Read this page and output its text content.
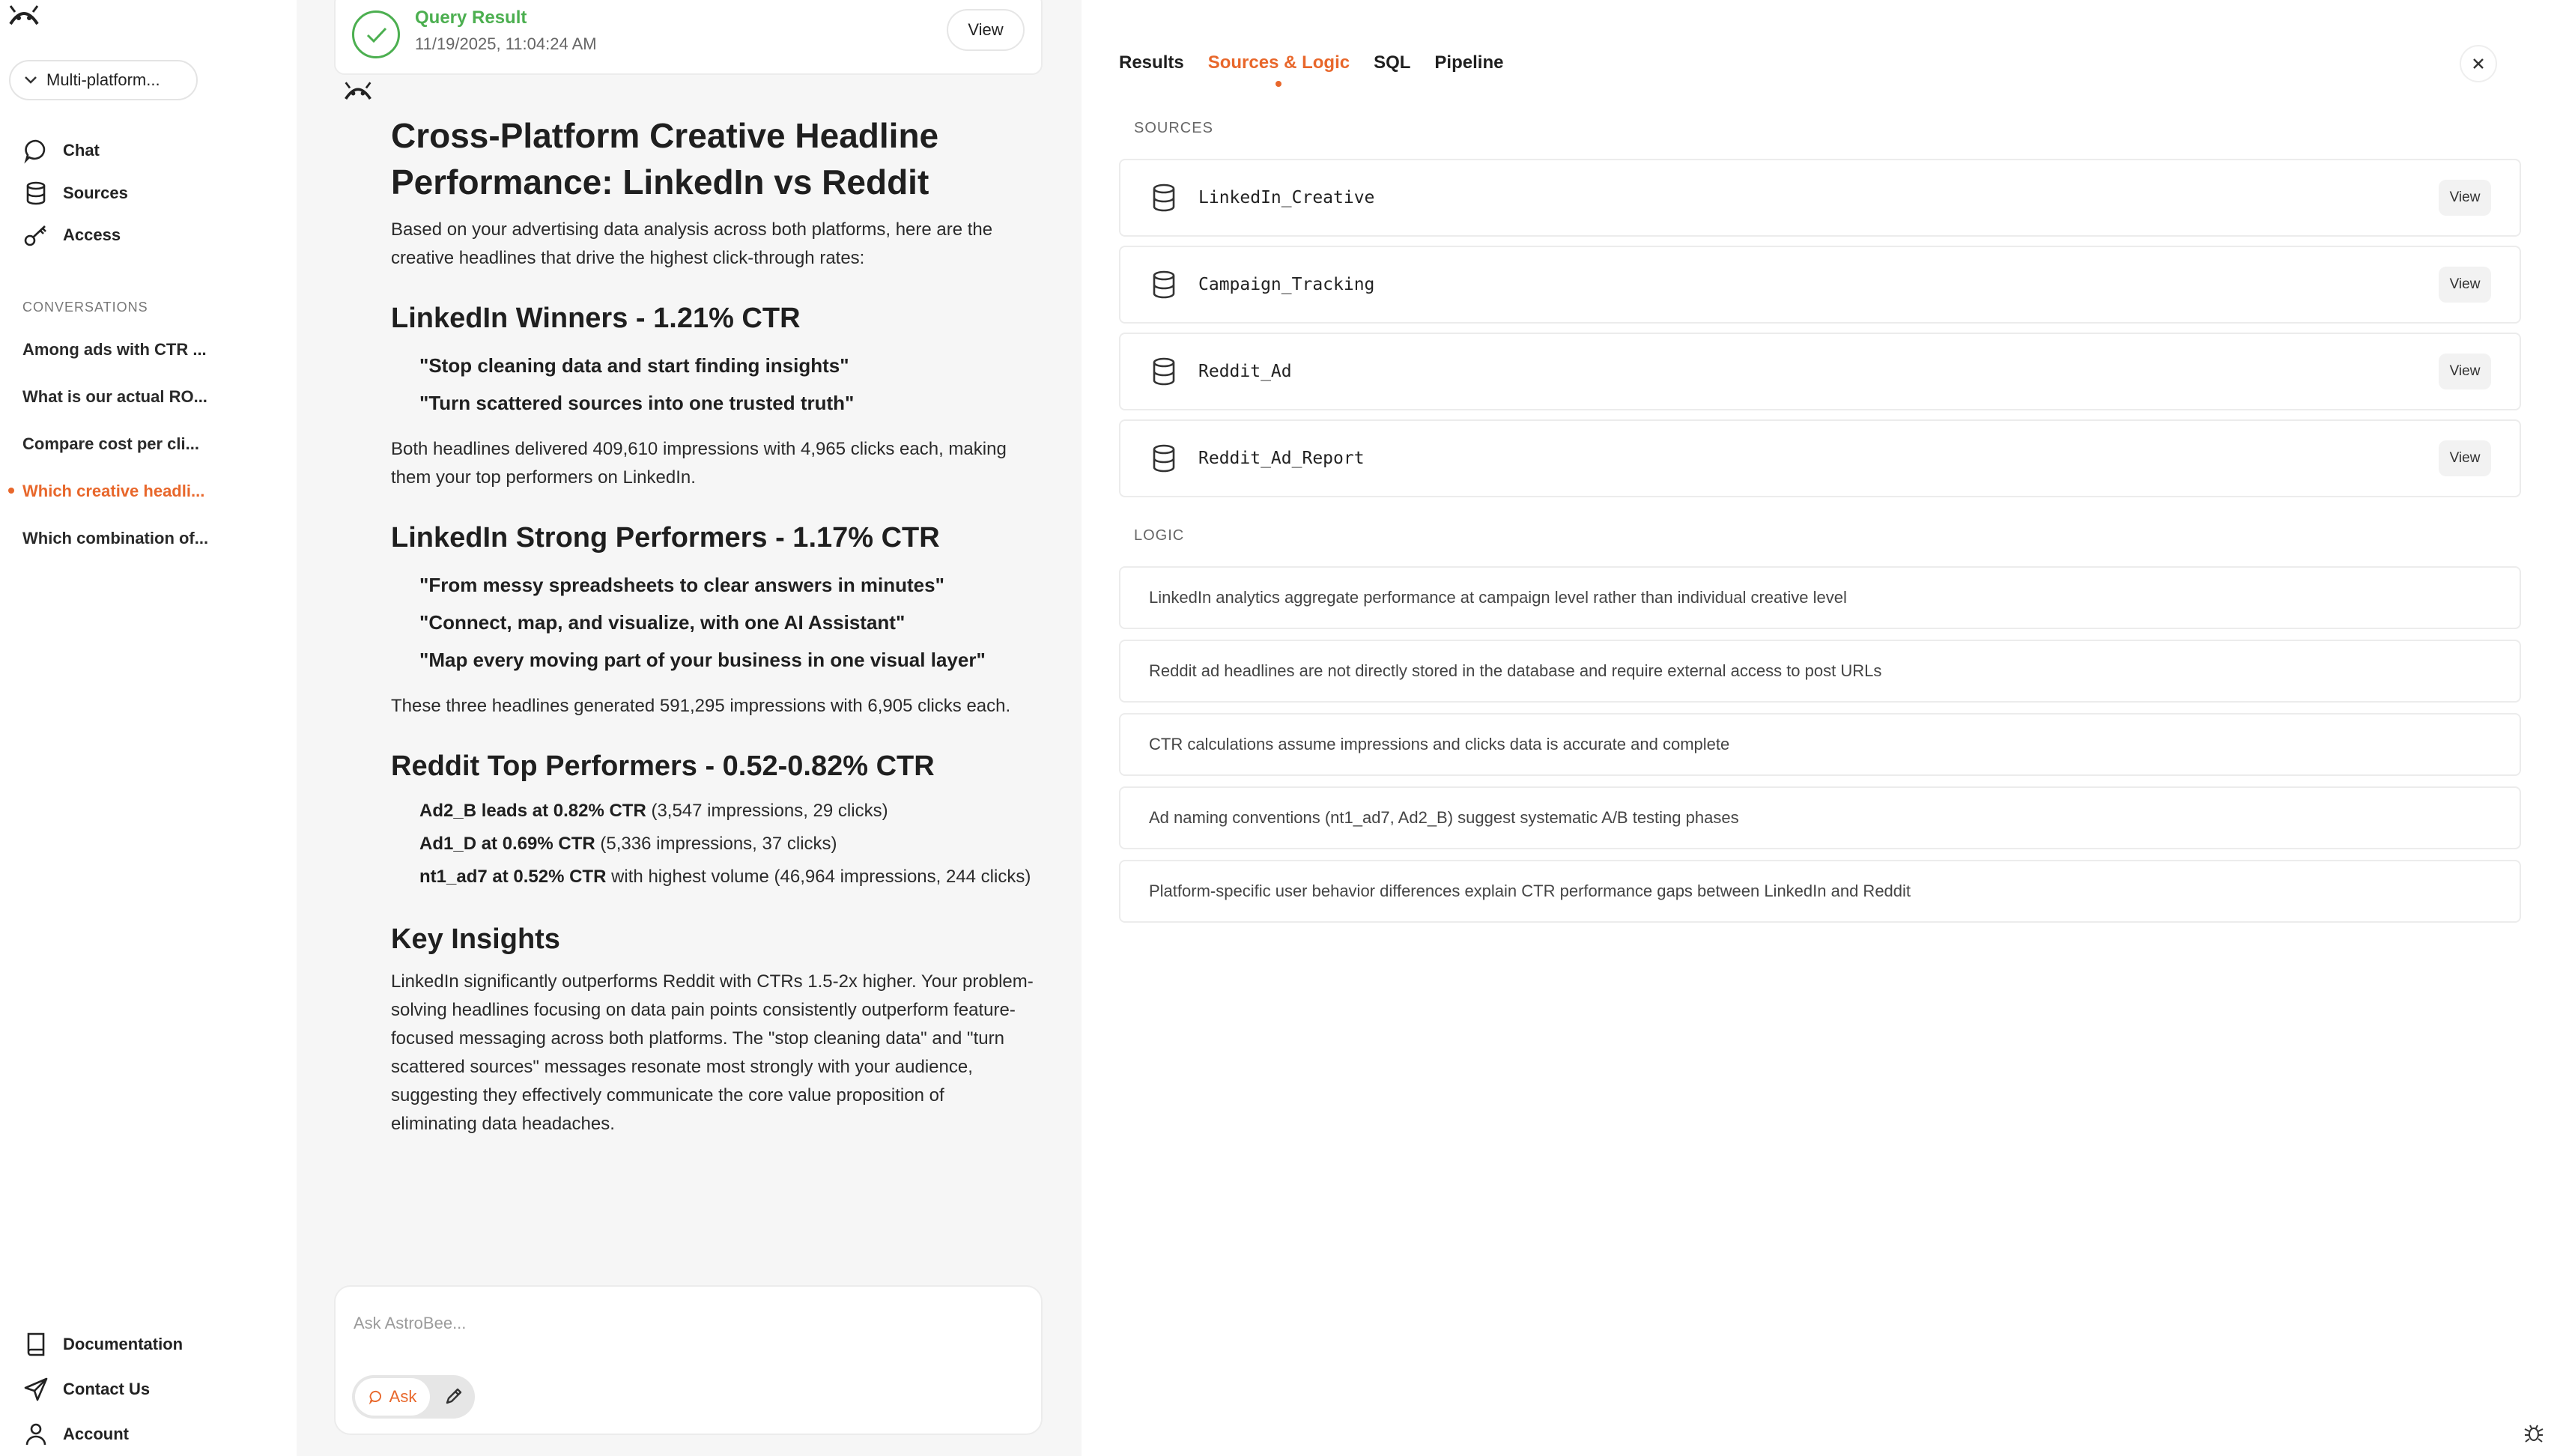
Multi-platform...
Chat
Sources
Access
CONVERSATIONS
Among ads with CTR ...
What is our actual RO...
Compare cost per cli...
Which creative headli...
Which combination of...
Documentation
Contact Us
Account
Query Result
11/19/2025, 11:04:24 AM
View
Cross-Platform Creative Headline Performance: LinkedIn vs Reddit

Based on your advertising data analysis across both platforms, here are the creative headlines that drive the highest click-through rates:

LinkedIn Winners - 1.21% CTR
"Stop cleaning data and start finding insights"
"Turn scattered sources into one trusted truth"

Both headlines delivered 409,610 impressions with 4,965 clicks each, making them your top performers on LinkedIn.

LinkedIn Strong Performers - 1.17% CTR
"From messy spreadsheets to clear answers in minutes"
"Connect, map, and visualize, with one AI Assistant"
"Map every moving part of your business in one visual layer"

These three headlines generated 591,295 impressions with 6,905 clicks each.

Reddit Top Performers - 0.52-0.82% CTR
Ad2_B leads at 0.82% CTR (3,547 impressions, 29 clicks)
Ad1_D at 0.69% CTR (5,336 impressions, 37 clicks)
nt1_ad7 at 0.52% CTR with highest volume (46,964 impressions, 244 clicks)
Key Insights

LinkedIn significantly outperforms Reddit with CTRs 1.5-2x higher. Your problem-solving headlines focusing on data pain points consistently outperform feature-focused messaging across both platforms. The "stop cleaning data" and "turn scattered sources" messages resonate most strongly with your audience, suggesting they effectively communicate the core value proposition of eliminating data headaches.

Ask AstroBee...
Ask
Results Sources & Logic SQL Pipeline
SOURCES
LinkedIn_Creative	View
Campaign_Tracking	View
Reddit_Ad	View
Reddit_Ad_Report	View
LOGIC
LinkedIn analytics aggregate performance at campaign level rather than individual creative level
Reddit ad headlines are not directly stored in the database and require external access to post URLs
CTR calculations assume impressions and clicks data is accurate and complete
Ad naming conventions (nt1_ad7, Ad2_B) suggest systematic A/B testing phases
Platform-specific user behavior differences explain CTR performance gaps between LinkedIn and Reddit
